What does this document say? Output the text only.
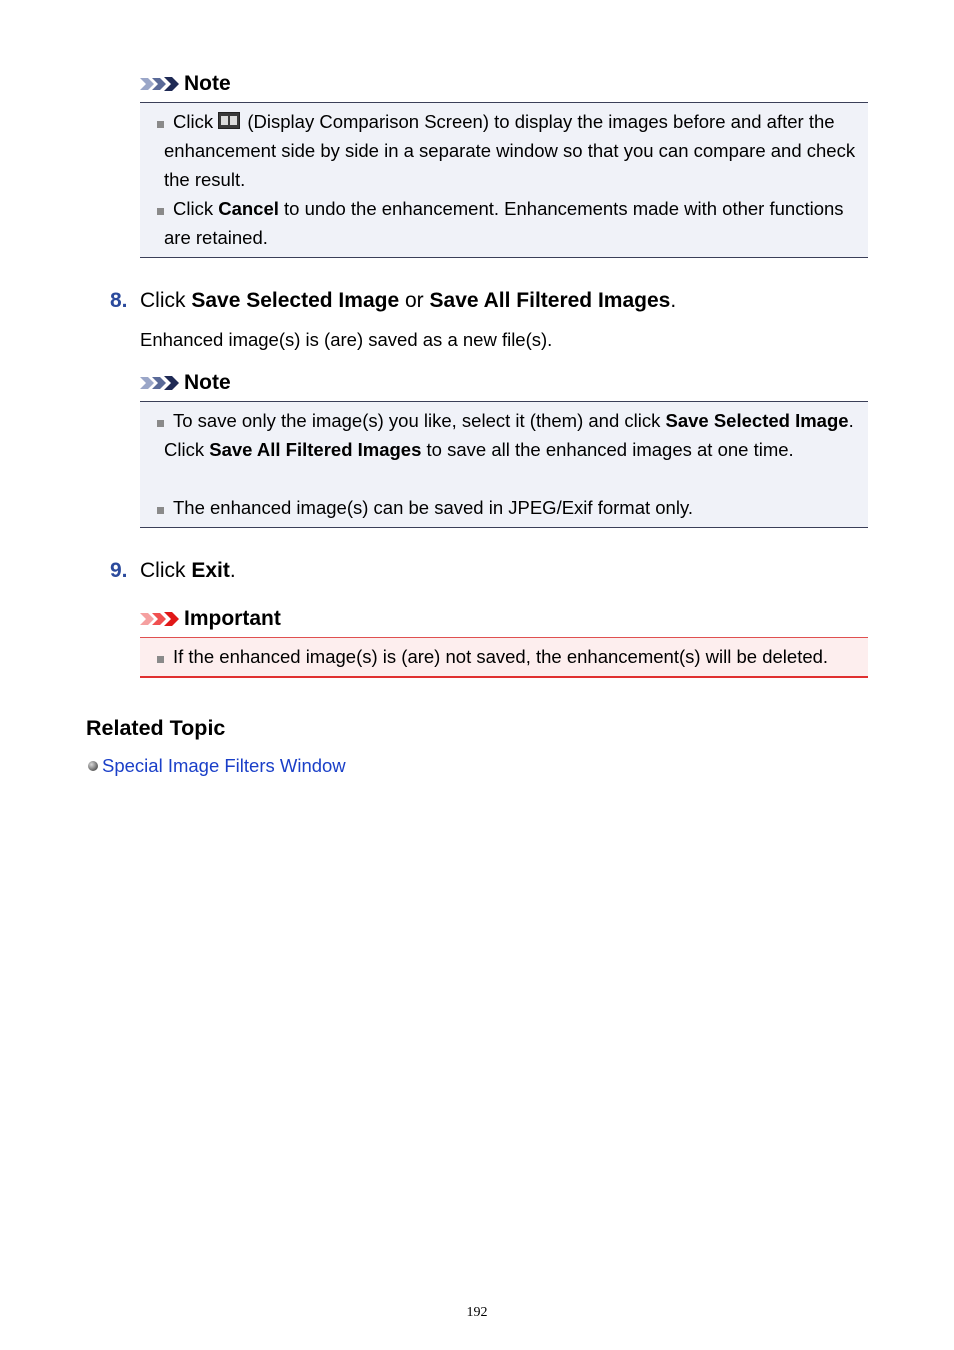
Note
Click (Display Comparison Screen) to display the images before and after the enhancement side by side in a separate window so that you can compare and check the result.
Click Cancel to undo the enhancement. Enhancements made with other functions are retained.
8. Click Save Selected Image or Save All Filtered Images.
Enhanced image(s) is (are) saved as a new file(s).
Note
To save only the image(s) you like, select it (them) and click Save Selected Image. Click Save All Filtered Images to save all the enhanced images at one time.
The enhanced image(s) can be saved in JPEG/Exif format only.
9. Click Exit.
Important
If the enhanced image(s) is (are) not saved, the enhancement(s) will be deleted.
Related Topic
Special Image Filters Window
192
